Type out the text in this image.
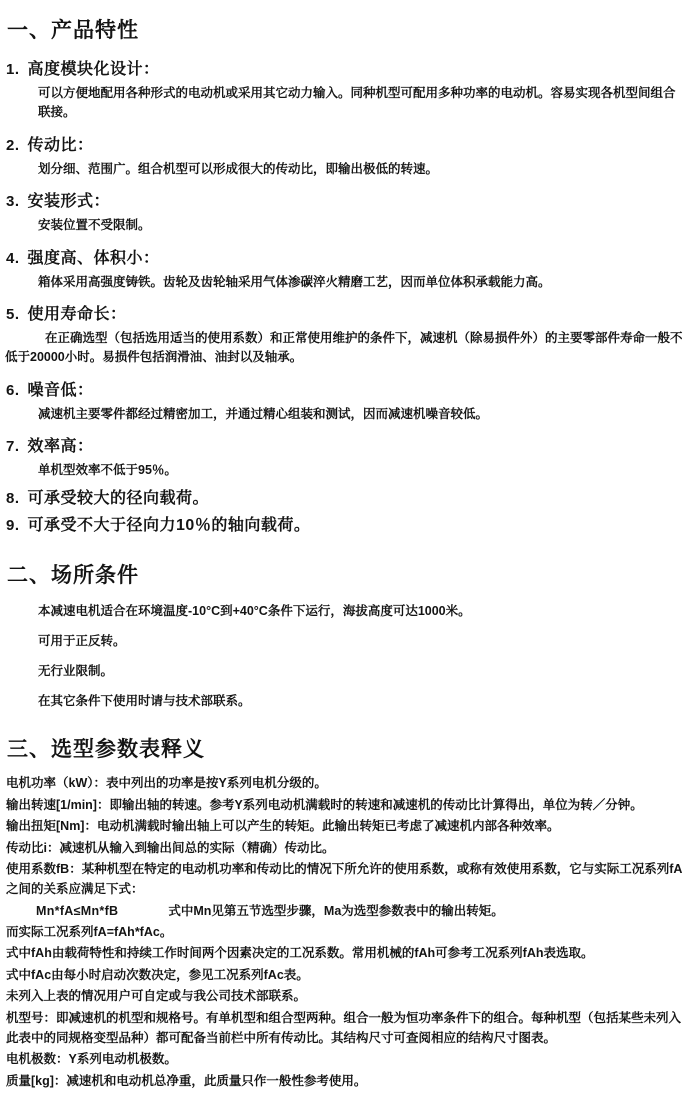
一、产品特性
1. 高度模块化设计：

可以方便地配用各种形式的电动机或采用其它动力输入。同种机型可配用多种功率的电动机。容易实现各机型间组合联接。

2. 传动比：

划分细、范围广。组合机型可以形成很大的传动比，即输出极低的转速。

3. 安装形式：

安装位置不受限制。

4. 强度高、体积小：

箱体采用高强度铸铁。齿轮及齿轮轴采用气体渗碳淬火精磨工艺，因而单位体积承载能力高。

5. 使用寿命长：

在正确选型（包括选用适当的使用系数）和正常使用维护的条件下，减速机（除易损件外）的主要零部件寿命一般不低于20000小时。易损件包括润滑油、油封以及轴承。

6. 噪音低：

减速机主要零件都经过精密加工，并通过精心组装和测试，因而减速机噪音较低。

7. 效率高：

单机型效率不低于95％。

8. 可承受较大的径向载荷。
9. 可承受不大于径向力10％的轴向载荷。
二、场所条件

本减速电机适合在环境温度-10°C到+40°C条件下运行，海拔高度可达1000米。

可用于正反转。

无行业限制。

在其它条件下使用时请与技术部联系。

三、选型参数表释义

电机功率（kW）：表中列出的功率是按Y系列电机分级的。

输出转速[1/min]：即输出轴的转速。参考Y系列电动机满载时的转速和减速机的传动比计算得出，单位为转／分钟。

输出扭矩[Nm]：电动机满载时输出轴上可以产生的转矩。此输出转矩已考虑了减速机内部各种效率。

传动比i：减速机从输入到输出间总的实际（精确）传动比。

使用系数fB：某种机型在特定的电动机功率和传动比的情况下所允许的使用系数，或称有效使用系数，它与实际工况系列fA之间的关系应满足下式：

Mn*fA≤Mn*fB	式中Mn见第五节选型步骤，Ma为选型参数表中的输出转矩。

而实际工况系列fA=fAh*fAc。

式中fAh由载荷特性和持续工作时间两个因素决定的工况系数。常用机械的fAh可参考工况系列fAh表选取。

式中fAc由每小时启动次数决定，参见工况系列fAc表。

未列入上表的情况用户可自定或与我公司技术部联系。

机型号：即减速机的机型和规格号。有单机型和组合型两种。组合一般为恒功率条件下的组合。每种机型（包括某些未列入此表中的同规格变型品种）都可配备当前栏中所有传动比。其结构尺寸可查阅相应的结构尺寸图表。

电机极数：Y系列电动机极数。

质量[kg]：减速机和电动机总净重，此质量只作一般性参考使用。
